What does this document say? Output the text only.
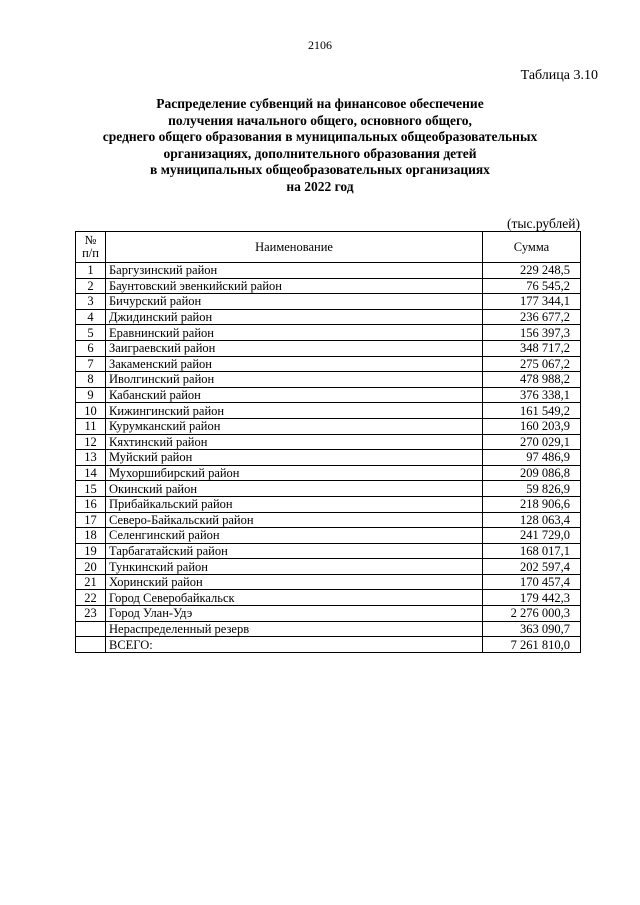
2106
Таблица 3.10
Распределение субвенций на финансовое обеспечение
получения начального общего, основного общего,
среднего общего образования в муниципальных общеобразовательных
организациях, дополнительного образования детей
в муниципальных общеобразовательных организациях
на 2022 год
(тыс.рублей)
№ п/п	Наименование	Сумма
1	Баргузинский район	229 248,5
2	Баунтовский эвенкийский район	76 545,2
3	Бичурский район	177 344,1
4	Джидинский район	236 677,2
5	Еравнинский район	156 397,3
6	Заиграевский район	348 717,2
7	Закаменский район	275 067,2
8	Иволгинский район	478 988,2
9	Кабанский район	376 338,1
10	Кижингинский район	161 549,2
11	Курумканский район	160 203,9
12	Кяхтинский район	270 029,1
13	Муйский район	97 486,9
14	Мухоршибирский район	209 086,8
15	Окинский район	59 826,9
16	Прибайкальский район	218 906,6
17	Северо-Байкальский район	128 063,4
18	Селенгинский район	241 729,0
19	Тарбагатайский район	168 017,1
20	Тункинский район	202 597,4
21	Хоринский район	170 457,4
22	Город Северобайкальск	179 442,3
23	Город Улан-Удэ	2 276 000,3
	Нераспределенный резерв	363 090,7
	ВСЕГО:	7 261 810,0
